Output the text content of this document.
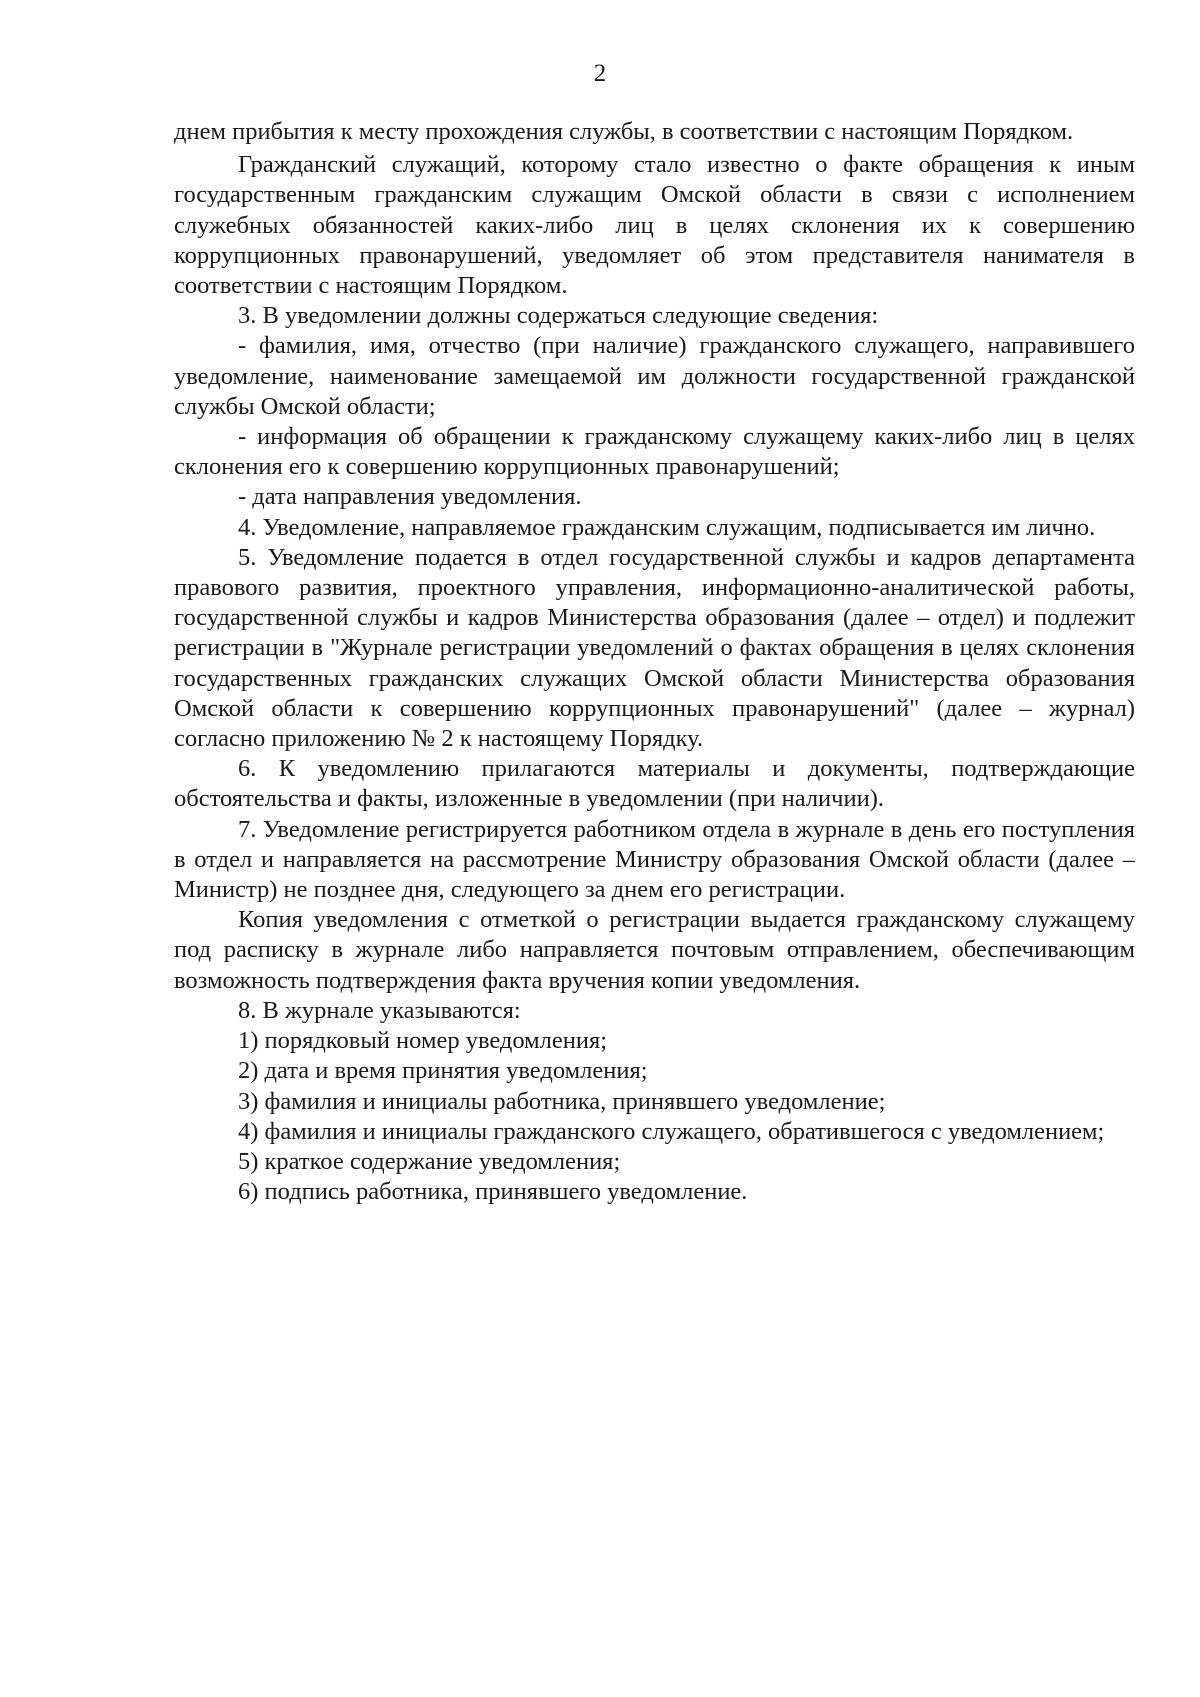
2

днем прибытия к месту прохождения службы, в соответствии с настоящим Порядком.

Гражданский служащий, которому стало известно о факте обращения к иным государственным гражданским служащим Омской области в связи с исполнением служебных обязанностей каких-либо лиц в целях склонения их к совершению коррупционных правонарушений, уведомляет об этом представителя нанимателя в соответствии с настоящим Порядком.

3. В уведомлении должны содержаться следующие сведения:

- фамилия, имя, отчество (при наличие) гражданского служащего, направившего уведомление, наименование замещаемой им должности государственной гражданской службы Омской области;

- информация об обращении к гражданскому служащему каких-либо лиц в целях склонения его к совершению коррупционных правонарушений;

- дата направления уведомления.

4. Уведомление, направляемое гражданским служащим, подписывается им лично.

5. Уведомление подается в отдел государственной службы и кадров департамента правового развития, проектного управления, информационно-аналитической работы, государственной службы и кадров Министерства образования (далее – отдел) и подлежит регистрации в "Журнале регистрации уведомлений о фактах обращения в целях склонения государственных гражданских служащих Омской области Министерства образования Омской области к совершению коррупционных правонарушений" (далее – журнал) согласно приложению № 2 к настоящему Порядку.

6. К уведомлению прилагаются материалы и документы, подтверждающие обстоятельства и факты, изложенные в уведомлении (при наличии).

7. Уведомление регистрируется работником отдела в журнале в день его поступления в отдел и направляется на рассмотрение Министру образования Омской области (далее – Министр) не позднее дня, следующего за днем его регистрации.

Копия уведомления с отметкой о регистрации выдается гражданскому служащему под расписку в журнале либо направляется почтовым отправлением, обеспечивающим возможность подтверждения факта вручения копии уведомления.

8. В журнале указываются:

1) порядковый номер уведомления;

2) дата и время принятия уведомления;

3) фамилия и инициалы работника, принявшего уведомление;

4) фамилия и инициалы гражданского служащего, обратившегося с уведомлением;

5) краткое содержание уведомления;

6) подпись работника, принявшего уведомление.
